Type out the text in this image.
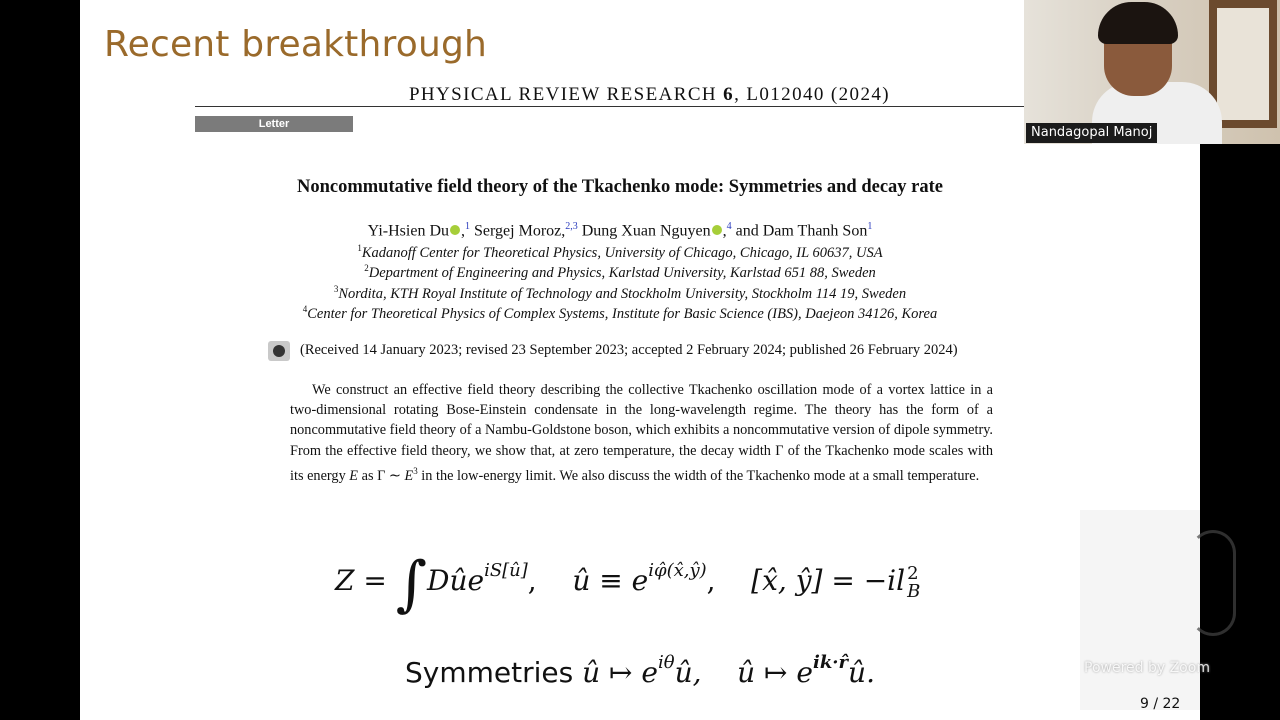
Recent breakthrough
PHYSICAL REVIEW RESEARCH 6, L012040 (2024)
Letter
Noncommutative field theory of the Tkachenko mode: Symmetries and decay rate
Yi-Hsien Du ,$^1$ Sergej Moroz,$^{2,3}$ Dung Xuan Nguyen ,$^4$ and Dam Thanh Son$^1$
$^1$Kadanoff Center for Theoretical Physics, University of Chicago, Chicago, IL 60637, USA
$^2$Department of Engineering and Physics, Karlstad University, Karlstad 651 88, Sweden
$^3$Nordita, KTH Royal Institute of Technology and Stockholm University, Stockholm 114 19, Sweden
$^4$Center for Theoretical Physics of Complex Systems, Institute for Basic Science (IBS), Daejeon 34126, Korea
(Received 14 January 2023; revised 23 September 2023; accepted 2 February 2024; published 26 February 2024)
We construct an effective field theory describing the collective Tkachenko oscillation mode of a vortex lattice in a two-dimensional rotating Bose-Einstein condensate in the long-wavelength regime. The theory has the form of a noncommutative field theory of a Nambu-Goldstone boson, which exhibits a noncommutative version of dipole symmetry. From the effective field theory, we show that, at zero temperature, the decay width Γ of the Tkachenko mode scales with its energy E as Γ ∼ $E^3$ in the low-energy limit. We also discuss the width of the Tkachenko mode at a small temperature.
Z = ∫Dûe$^{iS[û]}$,    û ≡ $e^{i\varphî(x̂,ŷ)}$,    [x̂, ŷ] = −il 2
B
Symmetries û ↦ $e^{i\theta}û$,    û ↦ $e^{ik\cdot r̂}û$.
9 / 22
Powered by Zoom
Nandagopal Manoj
